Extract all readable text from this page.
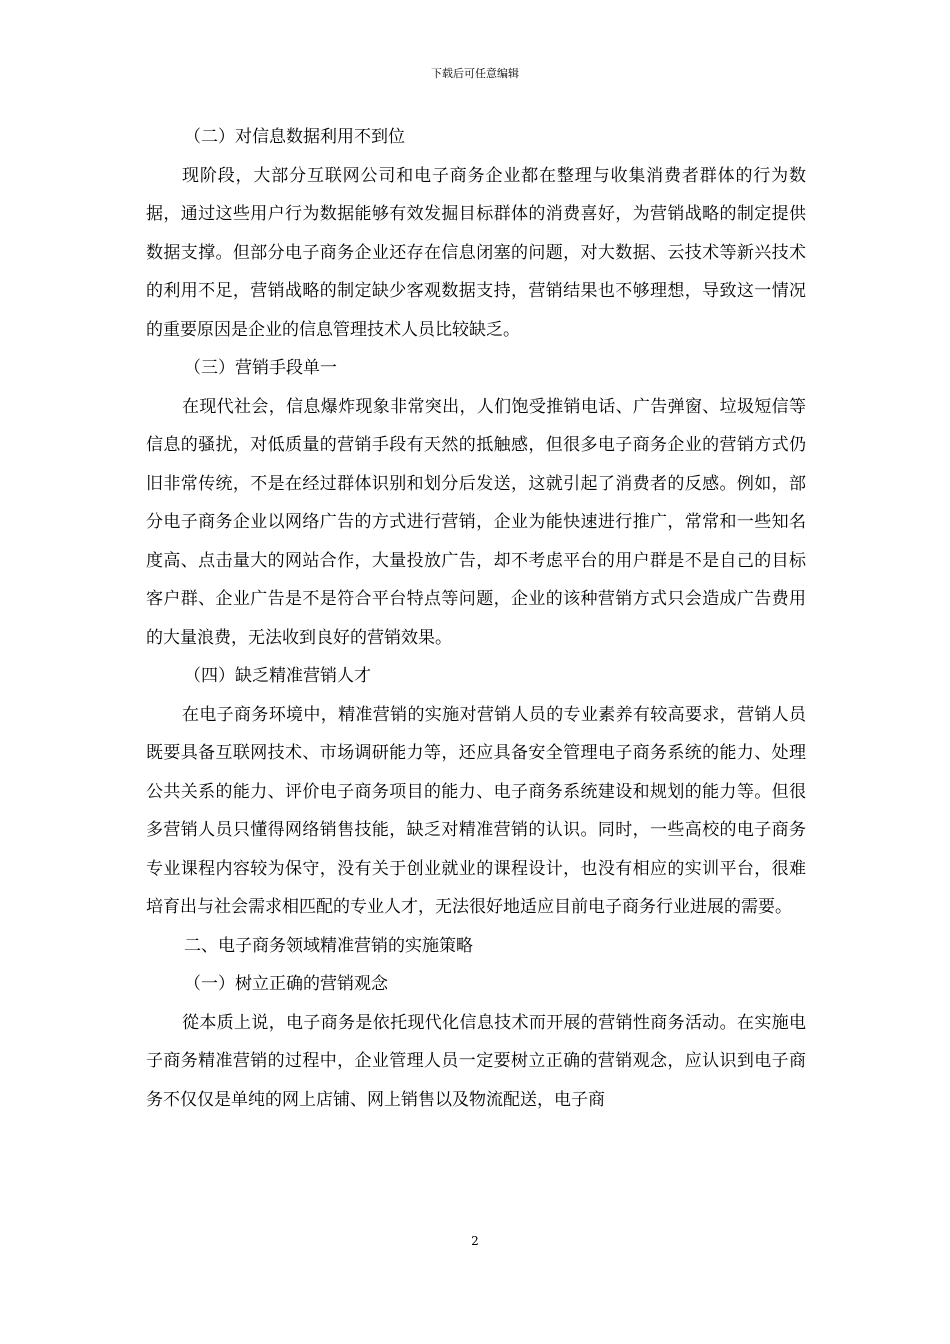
下载后可任意编辑

（二）对信息数据利用不到位

现阶段，大部分互联网公司和电子商务企业都在整理与收集消费者群体的行为数据，通过这些用户行为数据能够有效发掘目标群体的消费喜好，为营销战略的制定提供数据支撑。但部分电子商务企业还存在信息闭塞的问题，对大数据、云技术等新兴技术的利用不足，营销战略的制定缺少客观数据支持，营销结果也不够理想，导致这一情况的重要原因是企业的信息管理技术人员比较缺乏。

（三）营销手段单一

在现代社会，信息爆炸现象非常突出，人们饱受推销电话、广告弹窗、垃圾短信等信息的骚扰，对低质量的营销手段有天然的抵触感，但很多电子商务企业的营销方式仍旧非常传统，不是在经过群体识别和划分后发送，这就引起了消费者的反感。例如，部分电子商务企业以网络广告的方式进行营销，企业为能快速进行推广，常常和一些知名度高、点击量大的网站合作，大量投放广告，却不考虑平台的用户群是不是自己的目标客户群、企业广告是不是符合平台特点等问题，企业的该种营销方式只会造成广告费用的大量浪费，无法收到良好的营销效果。

（四）缺乏精准营销人才

在电子商务环境中，精准营销的实施对营销人员的专业素养有较高要求，营销人员既要具备互联网技术、市场调研能力等，还应具备安全管理电子商务系统的能力、处理公共关系的能力、评价电子商务项目的能力、电子商务系统建设和规划的能力等。但很多营销人员只懂得网络销售技能，缺乏对精准营销的认识。同时，一些高校的电子商务专业课程内容较为保守，没有关于创业就业的课程设计，也没有相应的实训平台，很难培育出与社会需求相匹配的专业人才，无法很好地适应目前电子商务行业进展的需要。

二、电子商务领域精准营销的实施策略

（一）树立正确的营销观念

從本质上说，电子商务是依托现代化信息技术而开展的营销性商务活动。在实施电子商务精准营销的过程中，企业管理人员一定要树立正确的营销观念，应认识到电子商务不仅仅是单纯的网上店铺、网上销售以及物流配送，电子商

2
